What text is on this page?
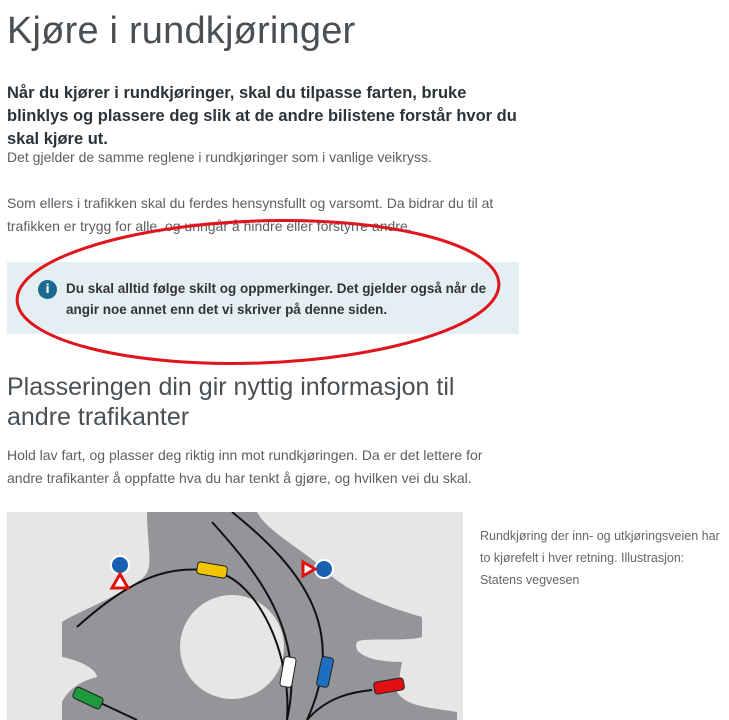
Kjøre i rundkjøringer

Når du kjører i rundkjøringer, skal du tilpasse farten, bruke blinklys og plassere deg slik at de andre bilistene forstår hvor du skal kjøre ut.

Det gjelder de samme reglene i rundkjøringer som i vanlige veikryss.

Som ellers i trafikken skal du ferdes hensynsfullt og varsomt. Da bidrar du til at trafikken er trygg for alle, og unngår å hindre eller forstyrre andre.

i	Du skal alltid følge skilt og oppmerkinger. Det gjelder også når de angir noe annet enn det vi skriver på denne siden.
Plasseringen din gir nyttig informasjon til andre trafikanter

Hold lav fart, og plasser deg riktig inn mot rundkjøringen. Da er det lettere for andre trafikanter å oppfatte hva du har tenkt å gjøre, og hvilken vei du skal.

Rundkjøring der inn- og utkjøringsveien har to kjørefelt i hver retning. Illustrasjon: Statens vegvesen
